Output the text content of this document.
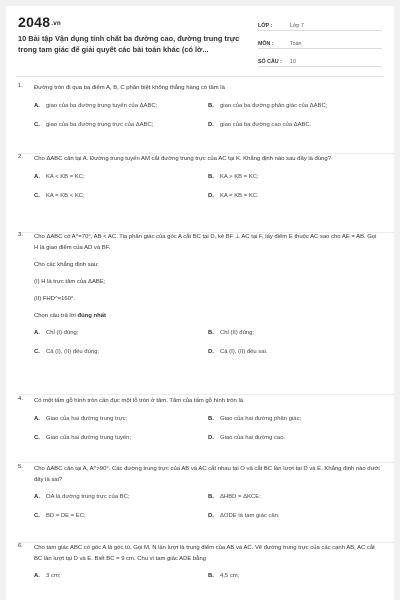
2048.vn
10 Bài tập Vận dụng tính chất ba đường cao, đường trung trực trong tam giác để giải quyết các bài toán khác (có lờ...
LỚP :	Lớp 7
MÔN :	Toán
SỐ CÂU :	10
1.	Đường tròn đi qua ba điểm A, B, C phân biệt không thẳng hàng có tâm là
A.	giao của ba đường trung tuyến của ΔABC;	B.	giao của ba đường phân giác của ΔABC;
C.	giao của ba đường trung trực của ΔABC;	D.	giao của ba đường cao của ΔABC.
2.	Cho ΔABC cân tại A. Đường trung tuyến AM cắt đường trung trực của AC tại K. Khẳng định nào sau đây là đúng?
A.	KA < KB = KC;	B.	KA > KB = KC;
C.	KA = KB < KC;	D.	KA = KB = KC.
3.	Cho ΔABC có A^=70°, AB < AC. Tia phân giác của góc A cắt BC tại D, kẻ BF ⊥ AC tại F, lấy điểm E thuộc AC sao cho AE = AB. Gọi H là giao điểm của AD và BF.
Cho các khẳng định sau:
(I) H là trực tâm của ΔABE;
(II) FHD^=160°.
Chọn câu trả lời đúng nhất
A.	Chỉ (I) đúng;	B.	Chỉ (II) đúng;
C.	Cả (I), (II) đều đúng;	D.	Cả (I), (II) đều sai.
4.	Có một tấm gỗ hình tròn cần đục một lỗ tròn ở tâm. Tâm của tấm gỗ hình tròn là
A.	Giao của hai đường trung trực;	B.	Giao của hai đường phân giác;
C.	Giao của hai đường trung tuyến;	D.	Giao của hai đường cao.
5.	Cho ΔABC cân tại A, A^>90°. Các đường trung trực của AB và AC cắt nhau tại O và cắt BC lần lượt tại D và E. Khẳng định nào dưới đây là sai?
A.	OA là đường trung trực của BC;	B.	ΔHBD = ΔKCE;
C.	BD = DE = EC;	D.	ΔODE là tam giác cân.
6.	Cho tam giác ABC có góc A là góc tù. Gọi M, N lần lượt là trung điểm của AB và AC. Vẽ đường trung trực của các cạnh AB, AC cắt BC lần lượt tại D và E. Biết BC = 9 cm. Chu vi tam giác ADE bằng
A.	3 cm;	B.	4,5 cm;
